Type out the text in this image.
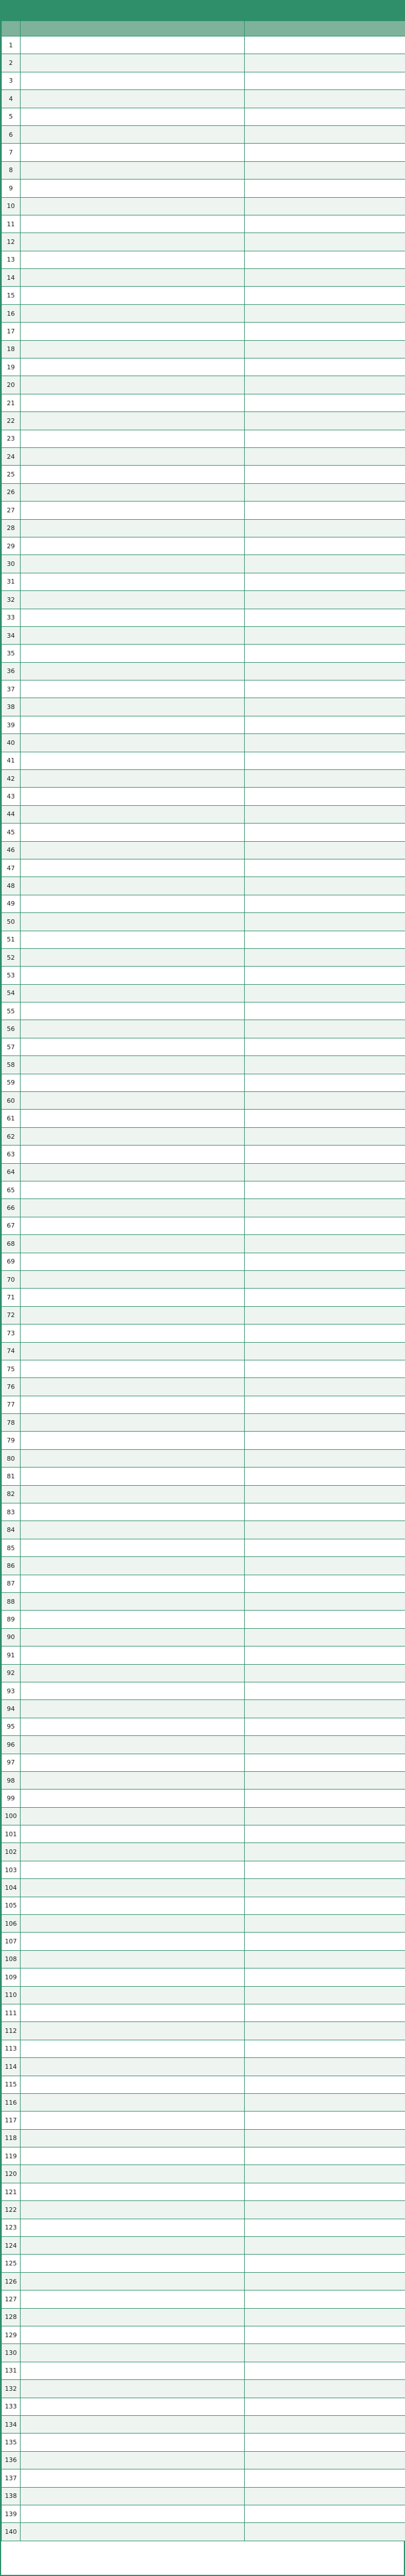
1		
2		
3		
4		
5		
6		
7		
8		
9		
10		
11		
12		
13		
14		
15		
16		
17		
18		
19		
20		
21		
22		
23		
24		
25		
26		
27		
28		
29		
30		
31		
32		
33		
34		
35		
36		
37		
38		
39		
40		
41		
42		
43		
44		
45		
46		
47		
48		
49		
50		
51		
52		
53		
54		
55		
56		
57		
58		
59		
60		
61		
62		
63		
64		
65		
66		
67		
68		
69		
70		
71		
72		
73		
74		
75		
76		
77		
78		
79		
80		
81		
82		
83		
84		
85		
86		
87		
88		
89		
90		
91		
92		
93		
94		
95		
96		
97		
98		
99		
100		
101		
102		
103		
104		
105		
106		
107		
108		
109		
110		
111		
112		
113		
114		
115		
116		
117		
118		
119		
120		
121		
122		
123		
124		
125		
126		
127		
128		
129		
130		
131		
132		
133		
134		
135		
136		
137		
138		
139		
140		
